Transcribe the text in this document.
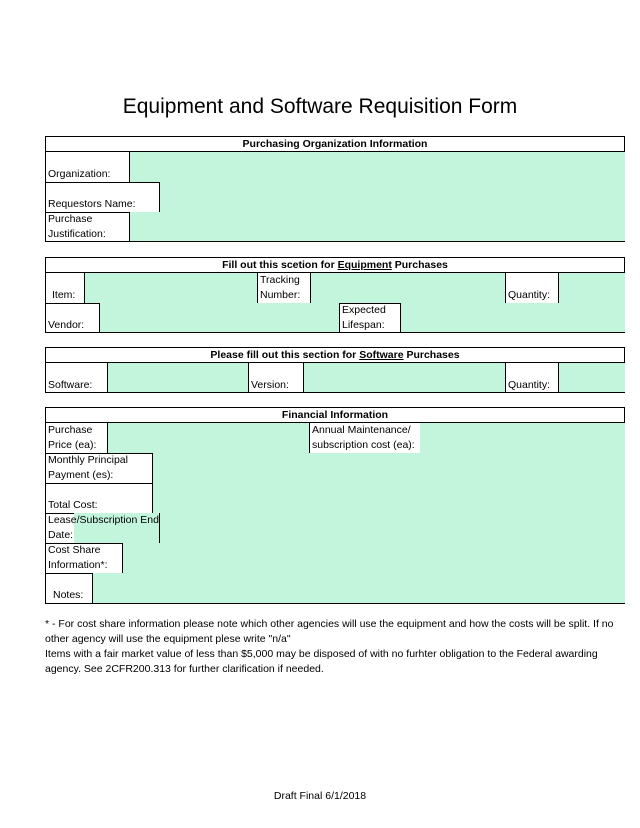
Equipment and Software Requisition Form
Purchasing Organization Information
Organization:
Requestors Name:
Purchase
Justification:
Fill out this scetion for Equipment Purchases
Item:
Tracking
Number:	Quantity:
Vendor:
Expected
Lifespan:
Please fill out this section for Software Purchases
Software:	Version:	Quantity:
Financial Information
Purchase
Price (ea):
Annual Maintenance/
subscription cost (ea):
Monthly Principal
Payment (es):
Total Cost:
Lease/Subscription End
Date:
Cost Share
Information*:
Notes:

* - For cost share information please note which other agencies will use the equipment and how the costs will be split. If no other agency will use the equipment plese write "n/a"

Items with a fair market value of less than $5,000 may be disposed of with no furhter obligation to the Federal awarding agency. See 2CFR200.313 for further clarification if needed.

Draft Final 6/1/2018
